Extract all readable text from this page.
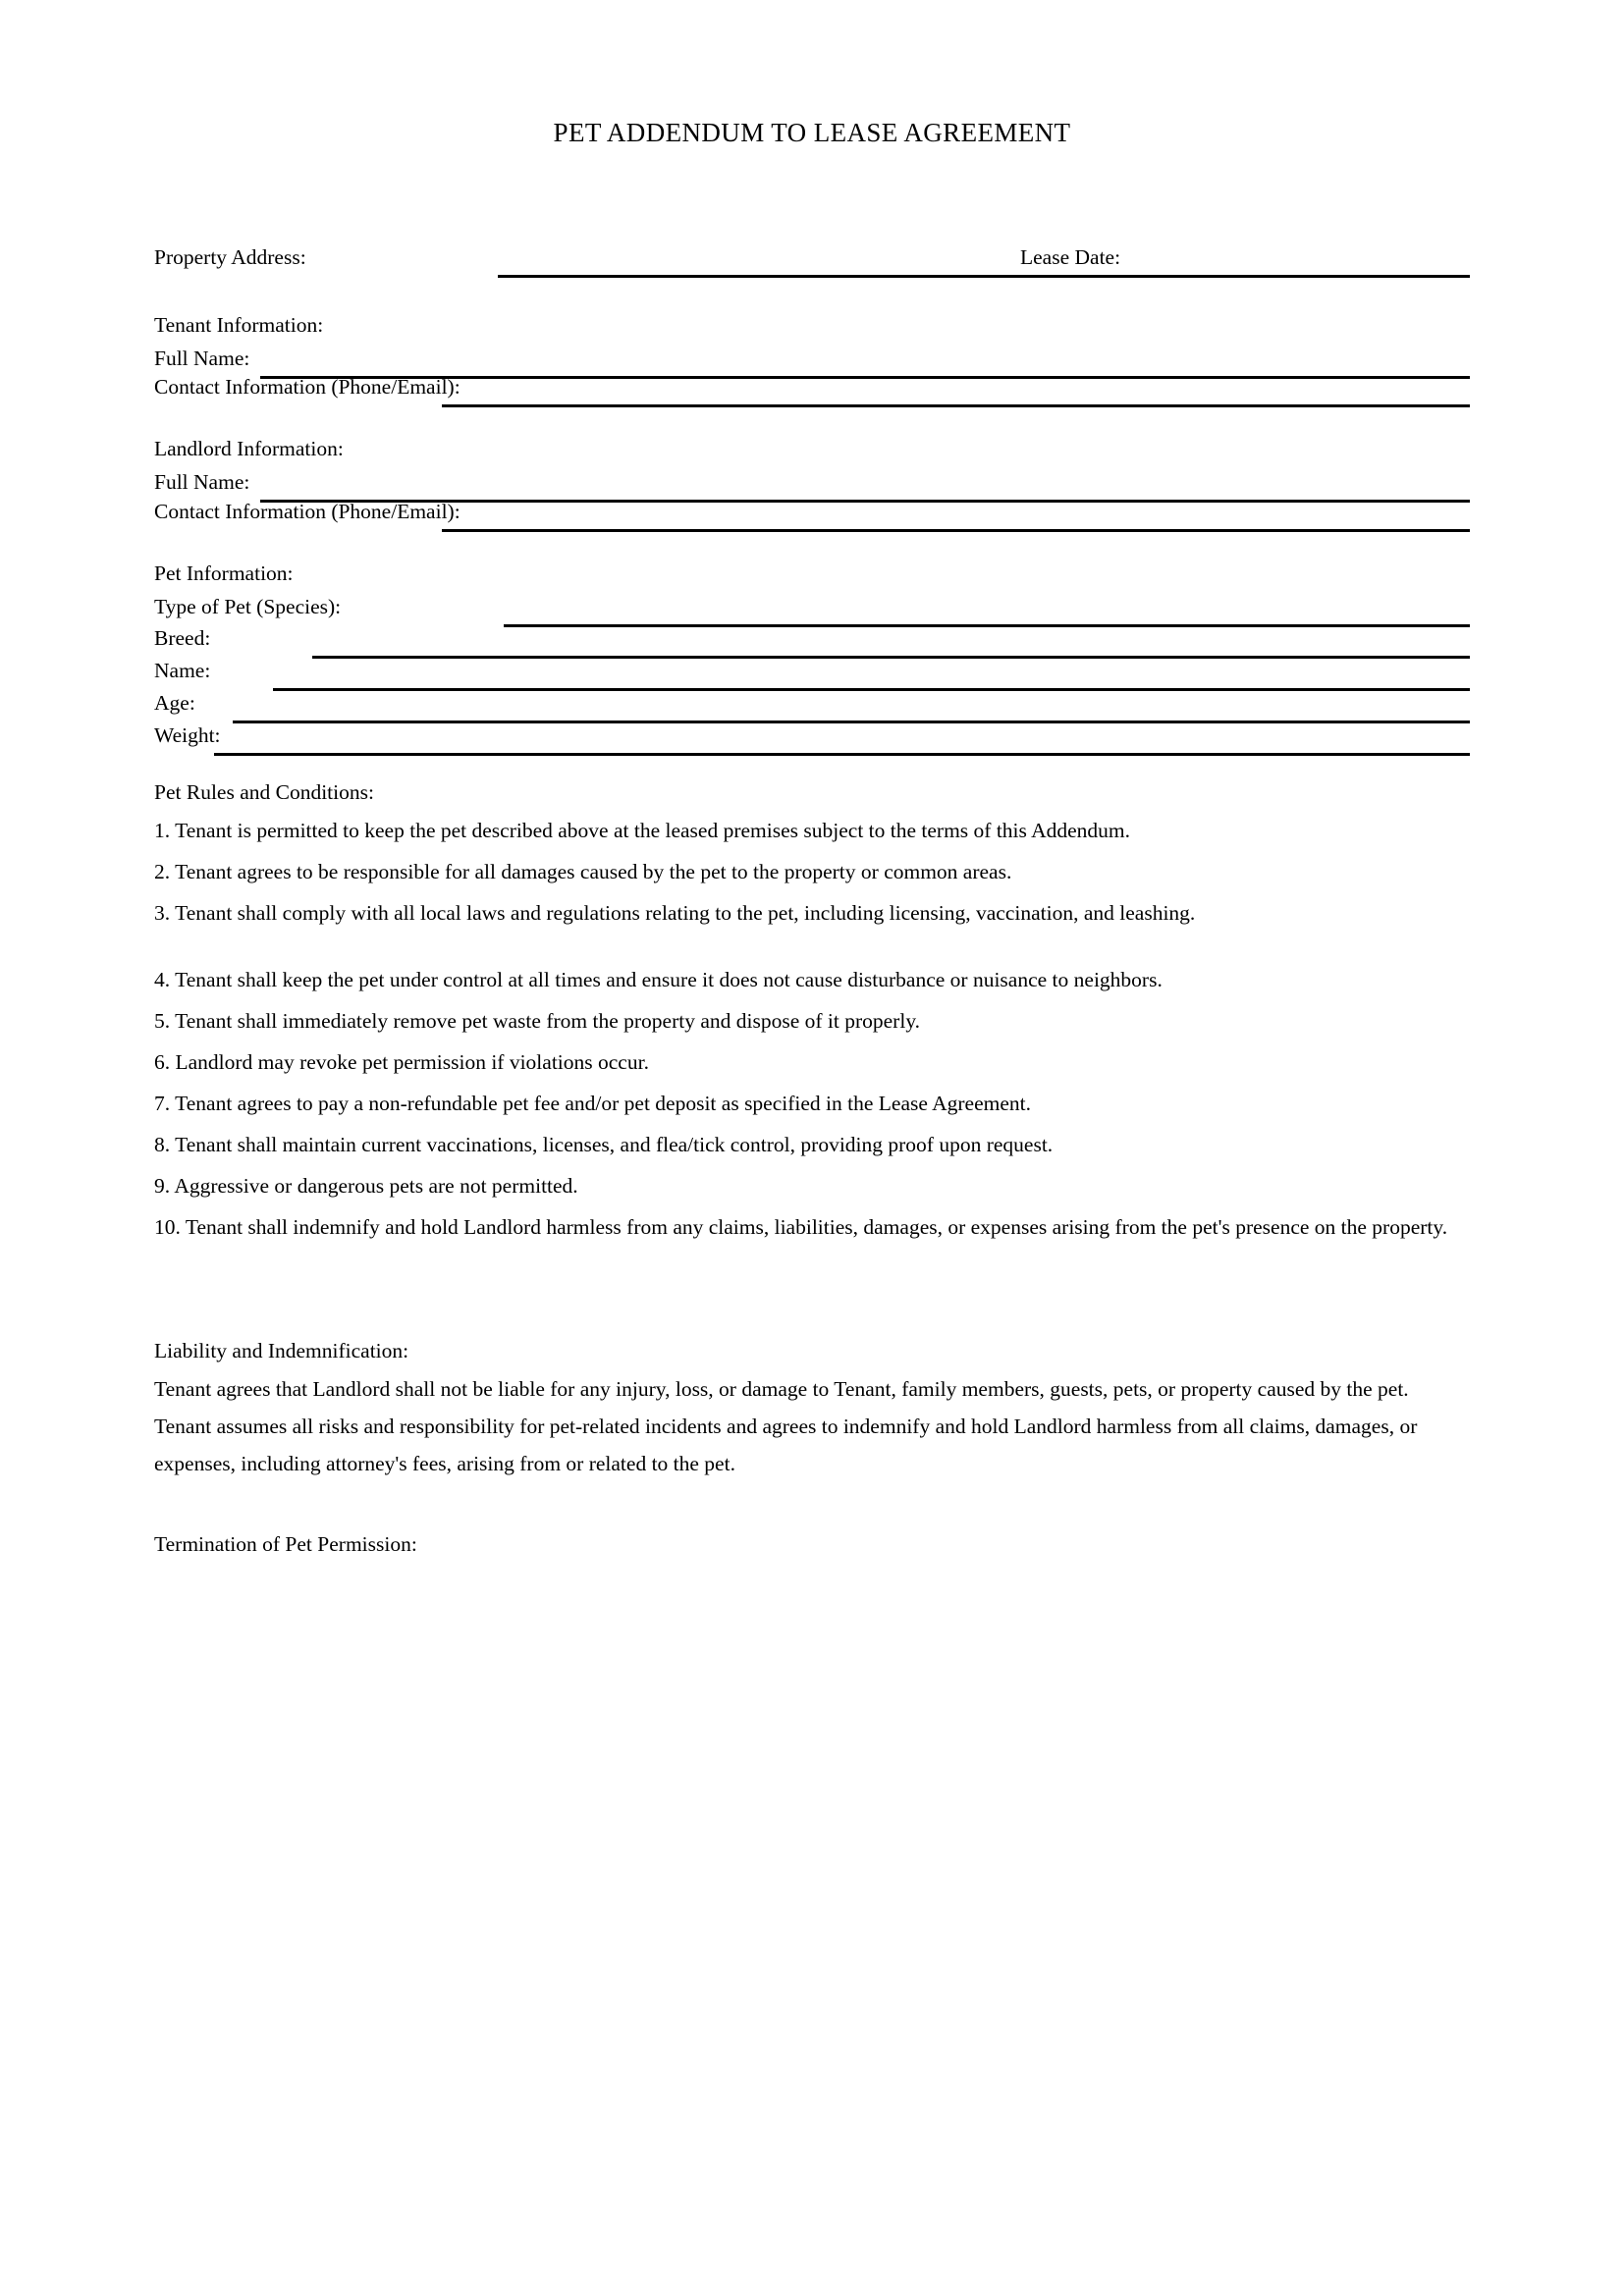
PET ADDENDUM TO LEASE AGREEMENT
Property Address:	Lease Date:
Tenant Information:
Full Name:
Contact Information (Phone/Email):
Landlord Information:
Full Name:
Contact Information (Phone/Email):
Pet Information:
Type of Pet (Species):
Breed:
Name:
Age:
Weight:
Pet Rules and Conditions:
1. Tenant is permitted to keep the pet described above at the leased premises subject to the terms of this Addendum.
2. Tenant agrees to be responsible for all damages caused by the pet to the property or common areas.
3. Tenant shall comply with all local laws and regulations relating to the pet, including licensing, vaccination, and leashing.
4. Tenant shall keep the pet under control at all times and ensure it does not cause disturbance or nuisance to neighbors.
5. Tenant shall immediately remove pet waste from the property and dispose of it properly.
6. Landlord may revoke pet permission if violations occur.
7. Tenant agrees to pay a non-refundable pet fee and/or pet deposit as specified in the Lease Agreement.
8. Tenant shall maintain current vaccinations, licenses, and flea/tick control, providing proof upon request.
9. Aggressive or dangerous pets are not permitted.
10. Tenant shall indemnify and hold Landlord harmless from any claims, liabilities, damages, or expenses arising from the pet's presence on the property.
Liability and Indemnification:
Tenant agrees that Landlord shall not be liable for any injury, loss, or damage to Tenant, family members, guests, pets, or property caused by the pet. Tenant assumes all risks and responsibility for pet-related incidents and agrees to indemnify and hold Landlord harmless from all claims, damages, or expenses, including attorney's fees, arising from or related to the pet.
Termination of Pet Permission:
